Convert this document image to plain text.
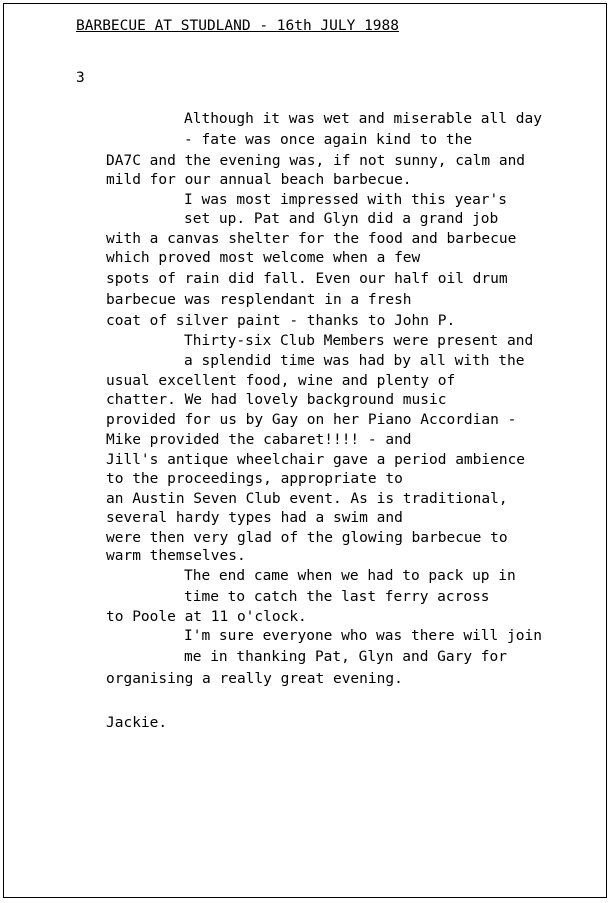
BARBECUE AT STUDLAND - 16th JULY 1988
3
Although it was wet and miserable all day
- fate was once again kind to the
DA7C and the evening was, if not sunny, calm and
mild for our annual beach barbecue.
I was most impressed with this year's
set up. Pat and Glyn did a grand job
with a canvas shelter for the food and barbecue
which proved most welcome when a few
spots of rain did fall. Even our half oil drum
barbecue was resplendant in a fresh
coat of silver paint - thanks to John P.
Thirty-six Club Members were present and
a splendid time was had by all with the
usual excellent food, wine and plenty of
chatter. We had lovely background music
provided for us by Gay on her Piano Accordian -
Mike provided the cabaret!!!! - and
Jill's antique wheelchair gave a period ambience
to the proceedings, appropriate to
an Austin Seven Club event. As is traditional,
several hardy types had a swim and
were then very glad of the glowing barbecue to
warm themselves.
The end came when we had to pack up in
time to catch the last ferry across
to Poole at 11 o'clock.
I'm sure everyone who was there will join
me in thanking Pat, Glyn and Gary for
organising a really great evening.
Jackie.
